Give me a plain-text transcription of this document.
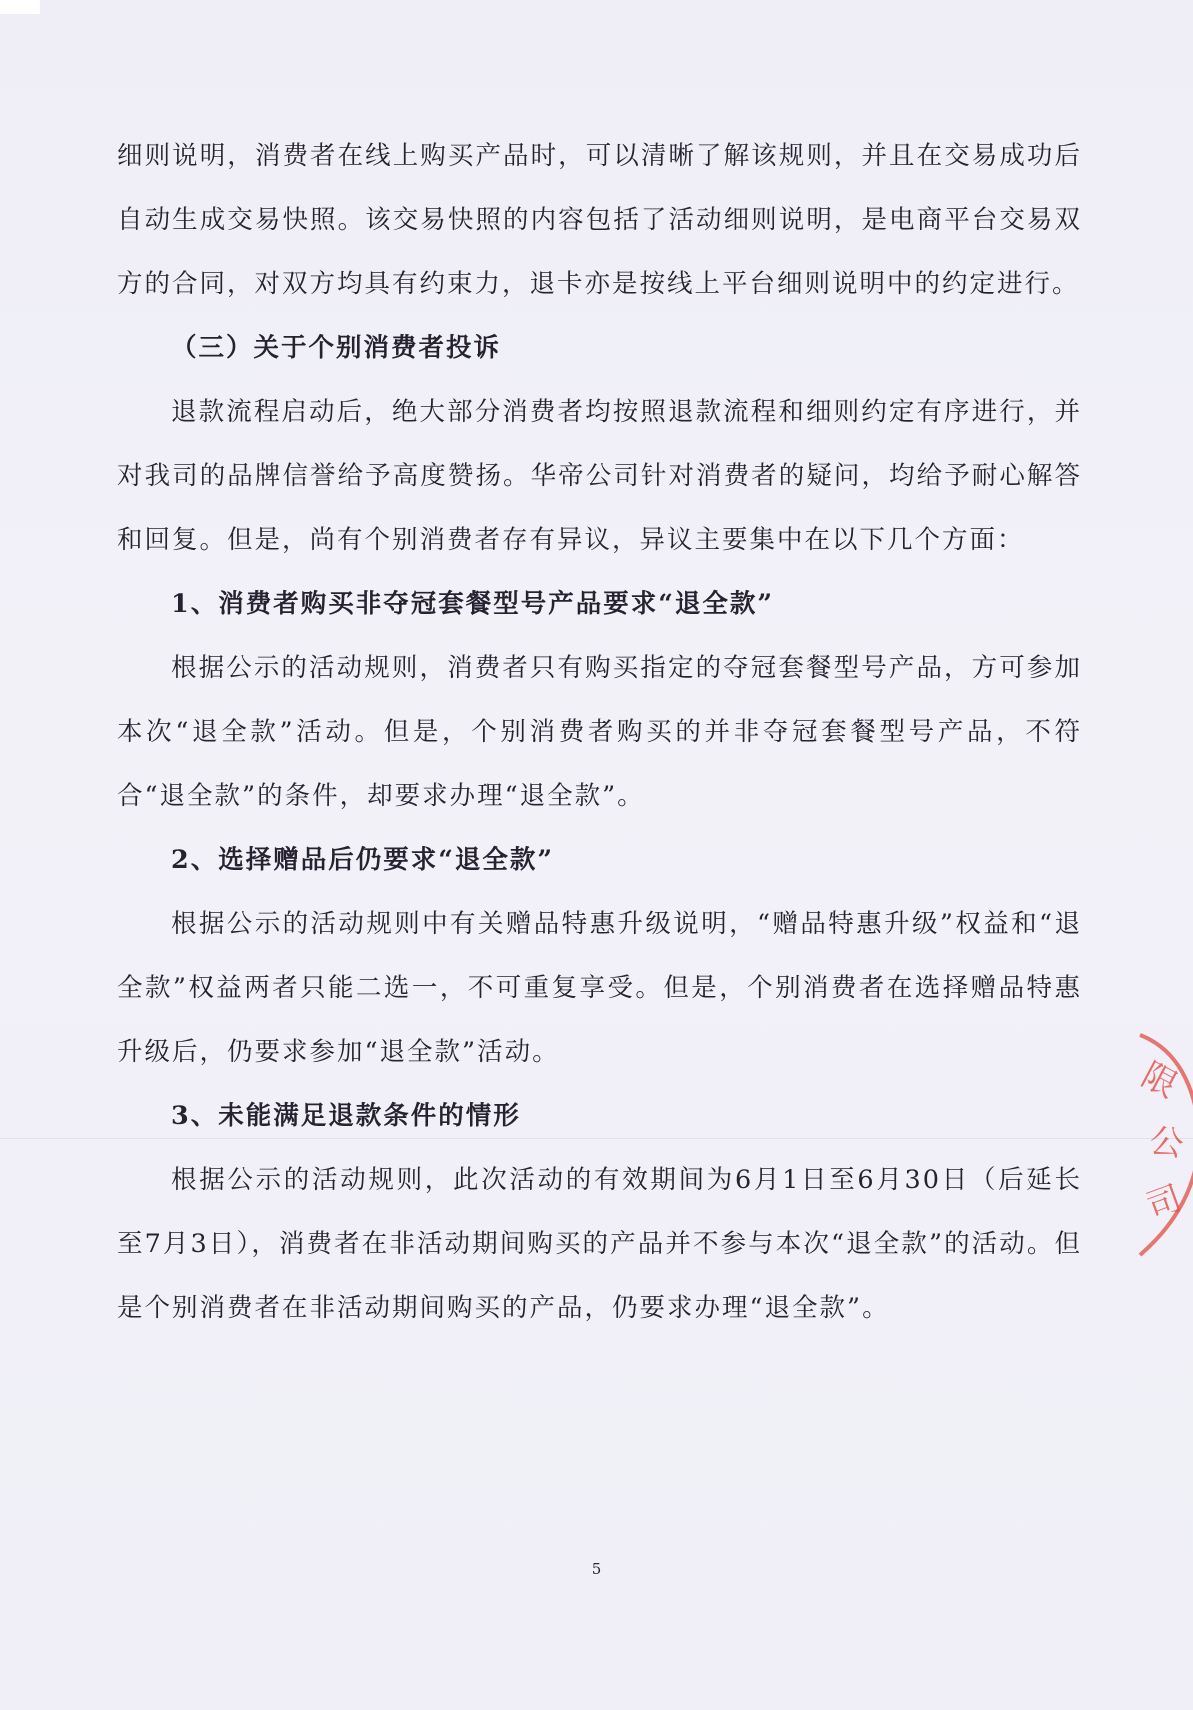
细则说明，消费者在线上购买产品时，可以清晰了解该规则，并且在交易成功后自动生成交易快照。该交易快照的内容包括了活动细则说明，是电商平台交易双方的合同，对双方均具有约束力，退卡亦是按线上平台细则说明中的约定进行。

（三）关于个别消费者投诉

退款流程启动后，绝大部分消费者均按照退款流程和细则约定有序进行，并对我司的品牌信誉给予高度赞扬。华帝公司针对消费者的疑问，均给予耐心解答和回复。但是，尚有个别消费者存有异议，异议主要集中在以下几个方面：

1、消费者购买非夺冠套餐型号产品要求“退全款”

根据公示的活动规则，消费者只有购买指定的夺冠套餐型号产品，方可参加本次“退全款”活动。但是，个别消费者购买的并非夺冠套餐型号产品，不符合“退全款”的条件，却要求办理“退全款”。

2、选择赠品后仍要求“退全款”

根据公示的活动规则中有关赠品特惠升级说明，“赠品特惠升级”权益和“退全款”权益两者只能二选一，不可重复享受。但是，个别消费者在选择赠品特惠升级后，仍要求参加“退全款”活动。

3、未能满足退款条件的情形

根据公示的活动规则，此次活动的有效期间为6月1日至6月30日（后延长至7月3日），消费者在非活动期间购买的产品并不参与本次“退全款”的活动。但是个别消费者在非活动期间购买的产品，仍要求办理“退全款”。

5
限
公
司
